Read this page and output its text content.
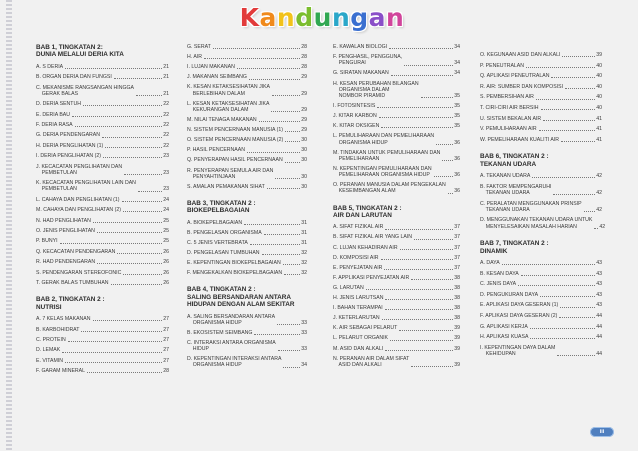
Kandungan
BAB 1, TINGKATAN 2:
DUNIA MELALUI DERIA KITA
A. S DERIA	21
B. ORGAN DERIA DAN FUNGSI	21
C. MEKANISME RANGSANGAN HINGGA
GERAK BALAS	21
D. DERIA SENTUH	22
E. DERIA BAU	22
F. DERIA RASA	22
G. DERIA PENDENGARAN	22
H. DERIA PENGLIHATAN (1)	22
I. DERIA PENGLIHATAN (2)	23
J. KECACATAN PENGLIHATAN DAN
PEMBETULAN	23
K. KECACATAN PENGLIHATAN LAIN DAN
PEMBETULAN	23
L. CAHAYA DAN PENGLIHATAN (1)	24
M. CAHAYA DAN PENGLIHATAN (2)	24
N. HAD PENGLIHATAN	25
O. JENIS PENGLIHATAN	25
P. BUNYI	25
Q. KECACATAN PENDENGARAN	26
R. HAD PENDENGARAN	26
S. PENDENGARAN STEREOFONIC	26
T. GERAK BALAS TUMBUHAN	26
BAB 2, TINGKATAN 2 :
NUTRISI
A. 7 KELAS MAKANAN	27
B. KARBOHIDRAT	27
C. PROTEIN	27
D. LEMAK	27
E. VITAMIN	27
F. GARAM MINERAL	28
G. SERAT	28
H. AIR	28
I. LUJAN MAKANAN	28
J. MAKANAN SEIMBANG	29
K. KESAN KETAKSESIHATAN JIKA
BERLEBIHAN DALAM	29
L. KESAN KETAKSESIHATAN JIKA
KEKURANGAN DALAM	29
M. NILAI TENAGA MAKANAN	29
N. SISTEM PENCERNAAN MANUSIA (1)	29
O. SISTEM PENCERNAAN MANUSIA (2)	30
P. HASIL PENCERNAAN	30
Q. PENYERAPAN HASIL PENCERNAAN	30
R. PENYERAPAN SEMULA AIR DAN
PENYAHTINJAAN	30
S. AMALAN PEMAKANAN SIHAT	30
BAB 3, TINGKATAN 2 :
BIOKEPELBAGAIAN
A. BIOKEPELBAGAIAN	31
B. PENGELASAN ORGANISMA	31
C. 5 JENIS VERTEBRATA	31
D. PENGELASAN TUMBUHAN	32
E. KEPENTINGAN BIOKEPELBAGAIAN	32
F. MENGEKALKAN BIOKEPELBAGAIAN	32
BAB 4, TINGKATAN 2 :
SALING BERSANDARAN ANTARA
HIDUPAN DENGAN ALAM SEKITAR
A. SALING BERSANDARAN ANTARA
ORGANISMA HIDUP	33
B. EKOSISTEM SEIMBANG	33
C. INTERAKSI ANTARA ORGANISMA
HIDUP	33
D. KEPENTINGAN INTERAKSI ANTARA
ORGANISMA HIDUP	34
E. KAWALAN BIOLOGI	34
F. PENGHASIL, PENGGUNA,
PENGURAI	34
G. SIRATAN MAKANAN	34
H. KESAN PERUBAHAN BILANGAN
ORGANISMA DALAM
NOMBOR PIRAMID	35
I. FOTOSINTESIS	35
J. KITAR KARBON	35
K. KITAR OKSIGEN	35
L. PEMULIHARAAN DAN PEMELIHARAAN
ORGANISMA HIDUP	36
M. TINDAKAN UNTUK PEMULIHARAAN DAN
PEMELIHARAAN	36
N. KEPENTINGAN PEMULIHARAAN DAN
PEMELIHARAAN ORGANISMA HIDUP	36
O. PERANAN MANUSIA DALAM PENGEKALAN
KESEIMBANGAN ALAM	36
BAB 5, TINGKATAN 2 :
AIR DAN LARUTAN
A. SIFAT FIZIKAL AIR	37
B. SIFAT FIZIKAL AIR YANG LAIN	37
C. LUJAN KEHADIRAN AIR	37
D. KOMPOSISI AIR	37
E. PENYEJATAN AIR	37
F. APPLIKASI PENYEJATAN AIR	38
G. LARUTAN	38
H. JENIS LARUTSAN	38
I. BAHAN TERAMPAI	38
J. KETERLARUTAN	38
K. AIR SEBAGAI PELARUT	39
L. PELARUT ORGANIK	39
M. ASID DAN ALKALI	39
N. PERANAN AIR DALAM SIFAT
ASID DAN ALKALI	39
O. KEGUNAAN ASID DAN ALKALI	39
P. PENEUTRALAN	40
Q. APLIKASI PENEUTRALAN	40
R. AIR: SUMBER DAN KOMPOSISI	40
S. PEMBERSIHAN AIR	40
T. CIRI-CIRI AIR BERSIH	40
U. SISTEM BEKALAN AIR	41
V. PEMULIHARAAN AIR	41
W. PEMELIHARAAN KUALITI AIR	41
BAB 6, TINGKATAN 2 :
TEKANAN UDARA
A. TEKANAN UDARA	42
B. FAKTOR MEMPENGARUHI
TEKANAN UDARA	42
C. PERALATAN MENGGUNAKAN PRINSIP
TEKANAN UDARA	42
D. MENGGUNAKAN TEKANAN UDARA UNTUK
MENYELESAIKAN MASALAH HARIAN	42
BAB 7, TINGKATAN 2 :
DINAMIK
A. DAYA	43
B. KESAN DAYA	43
C. JENIS DAYA	43
D. PENGUKURAN DAYA	43
E. APLIKASI DAYA GESERAN (1)	43
F. APLIKASI DAYA GESERAN (2)	44
G. APLIKASI KERJA	44
H. APLIKASI KUASA	44
I. KEPENTINGAN DAYA DALAM
KEHIDUPAN	44
iii
